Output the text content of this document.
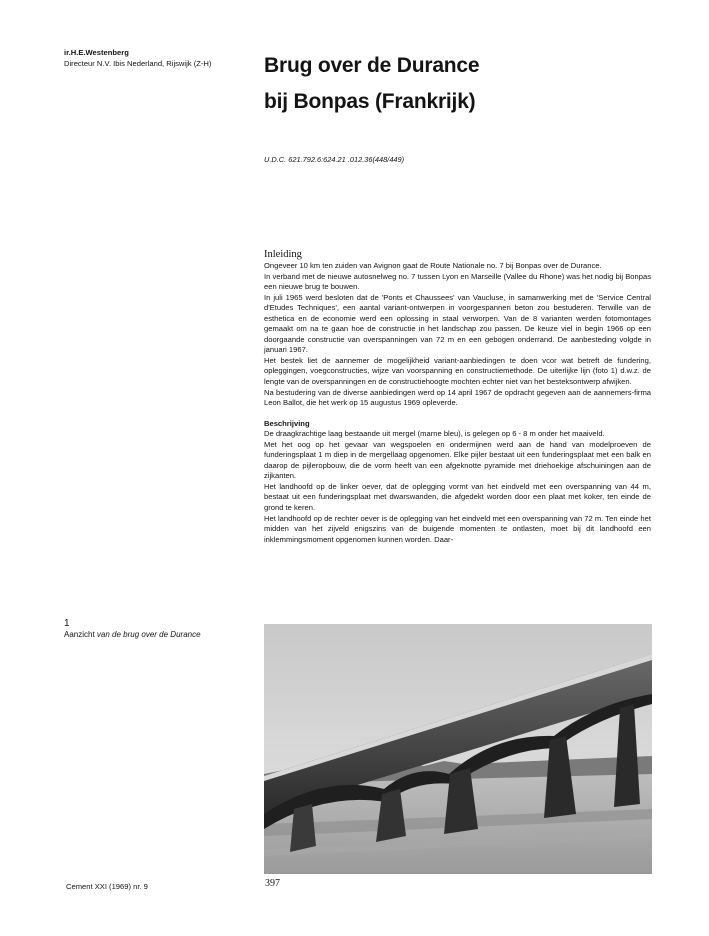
ir.H.E.Westenberg
Directeur N.V. Ibis Nederland, Rijswijk (Z-H)	Brug over de Durance
bij Bonpas (Frankrijk)
U.D.C. 621.792.6:624.21 .012.36(448/449)
Inleiding

Ongeveer 10 km ten zuiden van Avignon gaat de Route Nationale no. 7 bij Bonpas over de Durance.

In verband met de nieuwe autosnelweg no. 7 tussen Lyon en Marseille (Vallee du Rhone) was het nodig bij Bonpas een nieuwe brug te bouwen.

In juli 1965 werd besloten dat de 'Ponts et Chaussees' van Vaucluse, in samanwerking met de 'Service Central d'Etudes Techniques', een aantal variant-ontwerpen in voorgespannen beton zou bestuderen. Terwille van de esthetica en de economie werd een oplossing in staal verworpen. Van de 8 varianten werden fotomontages gemaakt om na te gaan hoe de constructie in het landschap zou passen. De keuze viel in begin 1966 op een doorgaande constructie van overspanningen van 72 m en een gebogen onderrand. De aanbesteding volgde in januari 1967.

Het bestek liet de aannemer de mogelijkheid variant-aanbiedingen te doen vcor wat betreft de fundering, opleggingen, voegconstructies, wijze van voorspanning en constructiemethode. De uiterlijke lijn (foto 1) d.w.z. de lengte van de overspanningen en de constructiehoogte mochten echter niet van het besteksontwerp afwijken.

Na bestudering van de diverse aanbiedingen werd op 14 april 1967 de opdracht gegeven aan de aannemers-firma Leon Ballot, die het werk op 15 augustus 1969 opleverde.

Beschrijving

De draagkrachtige laag bestaande uit mergel (marne bleu), is gelegen op 6 - 8 m onder het maaiveld.

Met het oog op het gevaar van wegspoelen en ondermijnen werd aan de hand van modelproeven de funderingsplaat 1 m diep in de mergellaag opgenomen. Elke pijler bestaat uit een funderingsplaat met een balk en daarop de pijleropbouw, die de vorm heeft van een afgeknotte pyramide met driehoekige afschuiningen aan de zijkanten.

Het landhoofd op de linker oever, dat de oplegging vormt van het eindveld met een overspanning van 44 m, bestaat uit een funderingsplaat met dwarswanden, die afgedekt worden door een plaat met koker, ten einde de grond te keren.

Het landhoofd op de rechter oever is de oplegging van het eindveld met een overspanning van 72 m. Ten einde het midden van het zijveld enigszins van de buigende momenten te ontlasten, moet bij dit landhoofd een inklemmingsmoment opgenomen kunnen worden. Daar-

1
Aanzicht van de brug over de Durance
Cement XXI (1969) nr. 9	397
